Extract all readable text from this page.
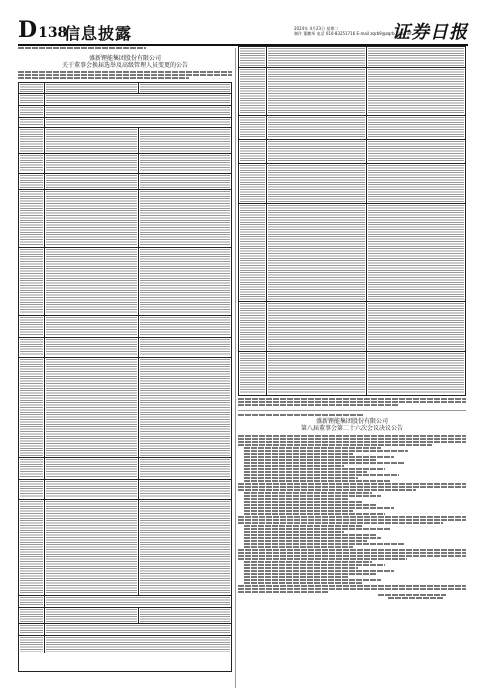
D138
信息披露	2024年 4月23日 星期二
制作 董鹏举 电话 010-83251716 E-mail zqrb9@zqrb.sina.net
证券日报
盛新锂能集团股份有限公司
关于董事会换届选举及高级管理人员变更的公告
盛新锂能集团股份有限公司
第八届董事会第二十六次会议决议公告
